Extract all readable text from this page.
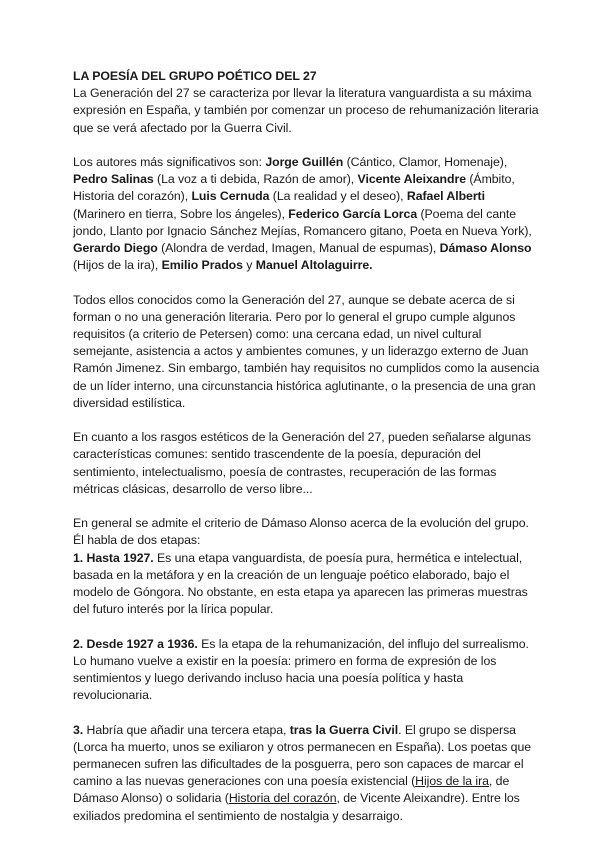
LA POESÍA DEL GRUPO POÉTICO DEL 27

La Generación del 27 se caracteriza por llevar la literatura vanguardista a su máxima expresión en España, y también por comenzar un proceso de rehumanización literaria que se verá afectado por la Guerra Civil.

Los autores más significativos son: Jorge Guillén (Cántico, Clamor, Homenaje), Pedro Salinas (La voz a ti debida, Razón de amor), Vicente Aleixandre (Ámbito, Historia del corazón), Luis Cernuda (La realidad y el deseo), Rafael Alberti (Marinero en tierra, Sobre los ángeles), Federico García Lorca (Poema del cante jondo, Llanto por Ignacio Sánchez Mejías, Romancero gitano, Poeta en Nueva York), Gerardo Diego (Alondra de verdad, Imagen, Manual de espumas), Dámaso Alonso (Hijos de la ira), Emilio Prados y Manuel Altolaguirre.

Todos ellos conocidos como la Generación del 27, aunque se debate acerca de si forman o no una generación literaria. Pero por lo general el grupo cumple algunos requisitos (a criterio de Petersen) como: una cercana edad, un nivel cultural semejante, asistencia a actos y ambientes comunes, y un liderazgo externo de Juan Ramón Jimenez. Sin embargo, también hay requisitos no cumplidos como la ausencia de un líder interno, una circunstancia histórica aglutinante, o la presencia de una gran diversidad estilística.

En cuanto a los rasgos estéticos de la Generación del 27, pueden señalarse algunas características comunes: sentido trascendente de la poesía, depuración del sentimiento, intelectualismo, poesía de contrastes, recuperación de las formas métricas clásicas, desarrollo de verso libre...

En general se admite el criterio de Dámaso Alonso acerca de la evolución del grupo. Él habla de dos etapas:
1. Hasta 1927. Es una etapa vanguardista, de poesía pura, hermética e intelectual, basada en la metáfora y en la creación de un lenguaje poético elaborado, bajo el modelo de Góngora. No obstante, en esta etapa ya aparecen las primeras muestras del futuro interés por la lírica popular.

2. Desde 1927 a 1936. Es la etapa de la rehumanización, del influjo del surrealismo. Lo humano vuelve a existir en la poesía: primero en forma de expresión de los sentimientos y luego derivando incluso hacia una poesía política y hasta revolucionaria.

3. Habría que añadir una tercera etapa, tras la Guerra Civil. El grupo se dispersa (Lorca ha muerto, unos se exiliaron y otros permanecen en España). Los poetas que permanecen sufren las dificultades de la posguerra, pero son capaces de marcar el camino a las nuevas generaciones con una poesía existencial (Hijos de la ira, de Dámaso Alonso) o solidaria (Historia del corazón, de Vicente Aleixandre). Entre los exiliados predomina el sentimiento de nostalgia y desarraigo.
